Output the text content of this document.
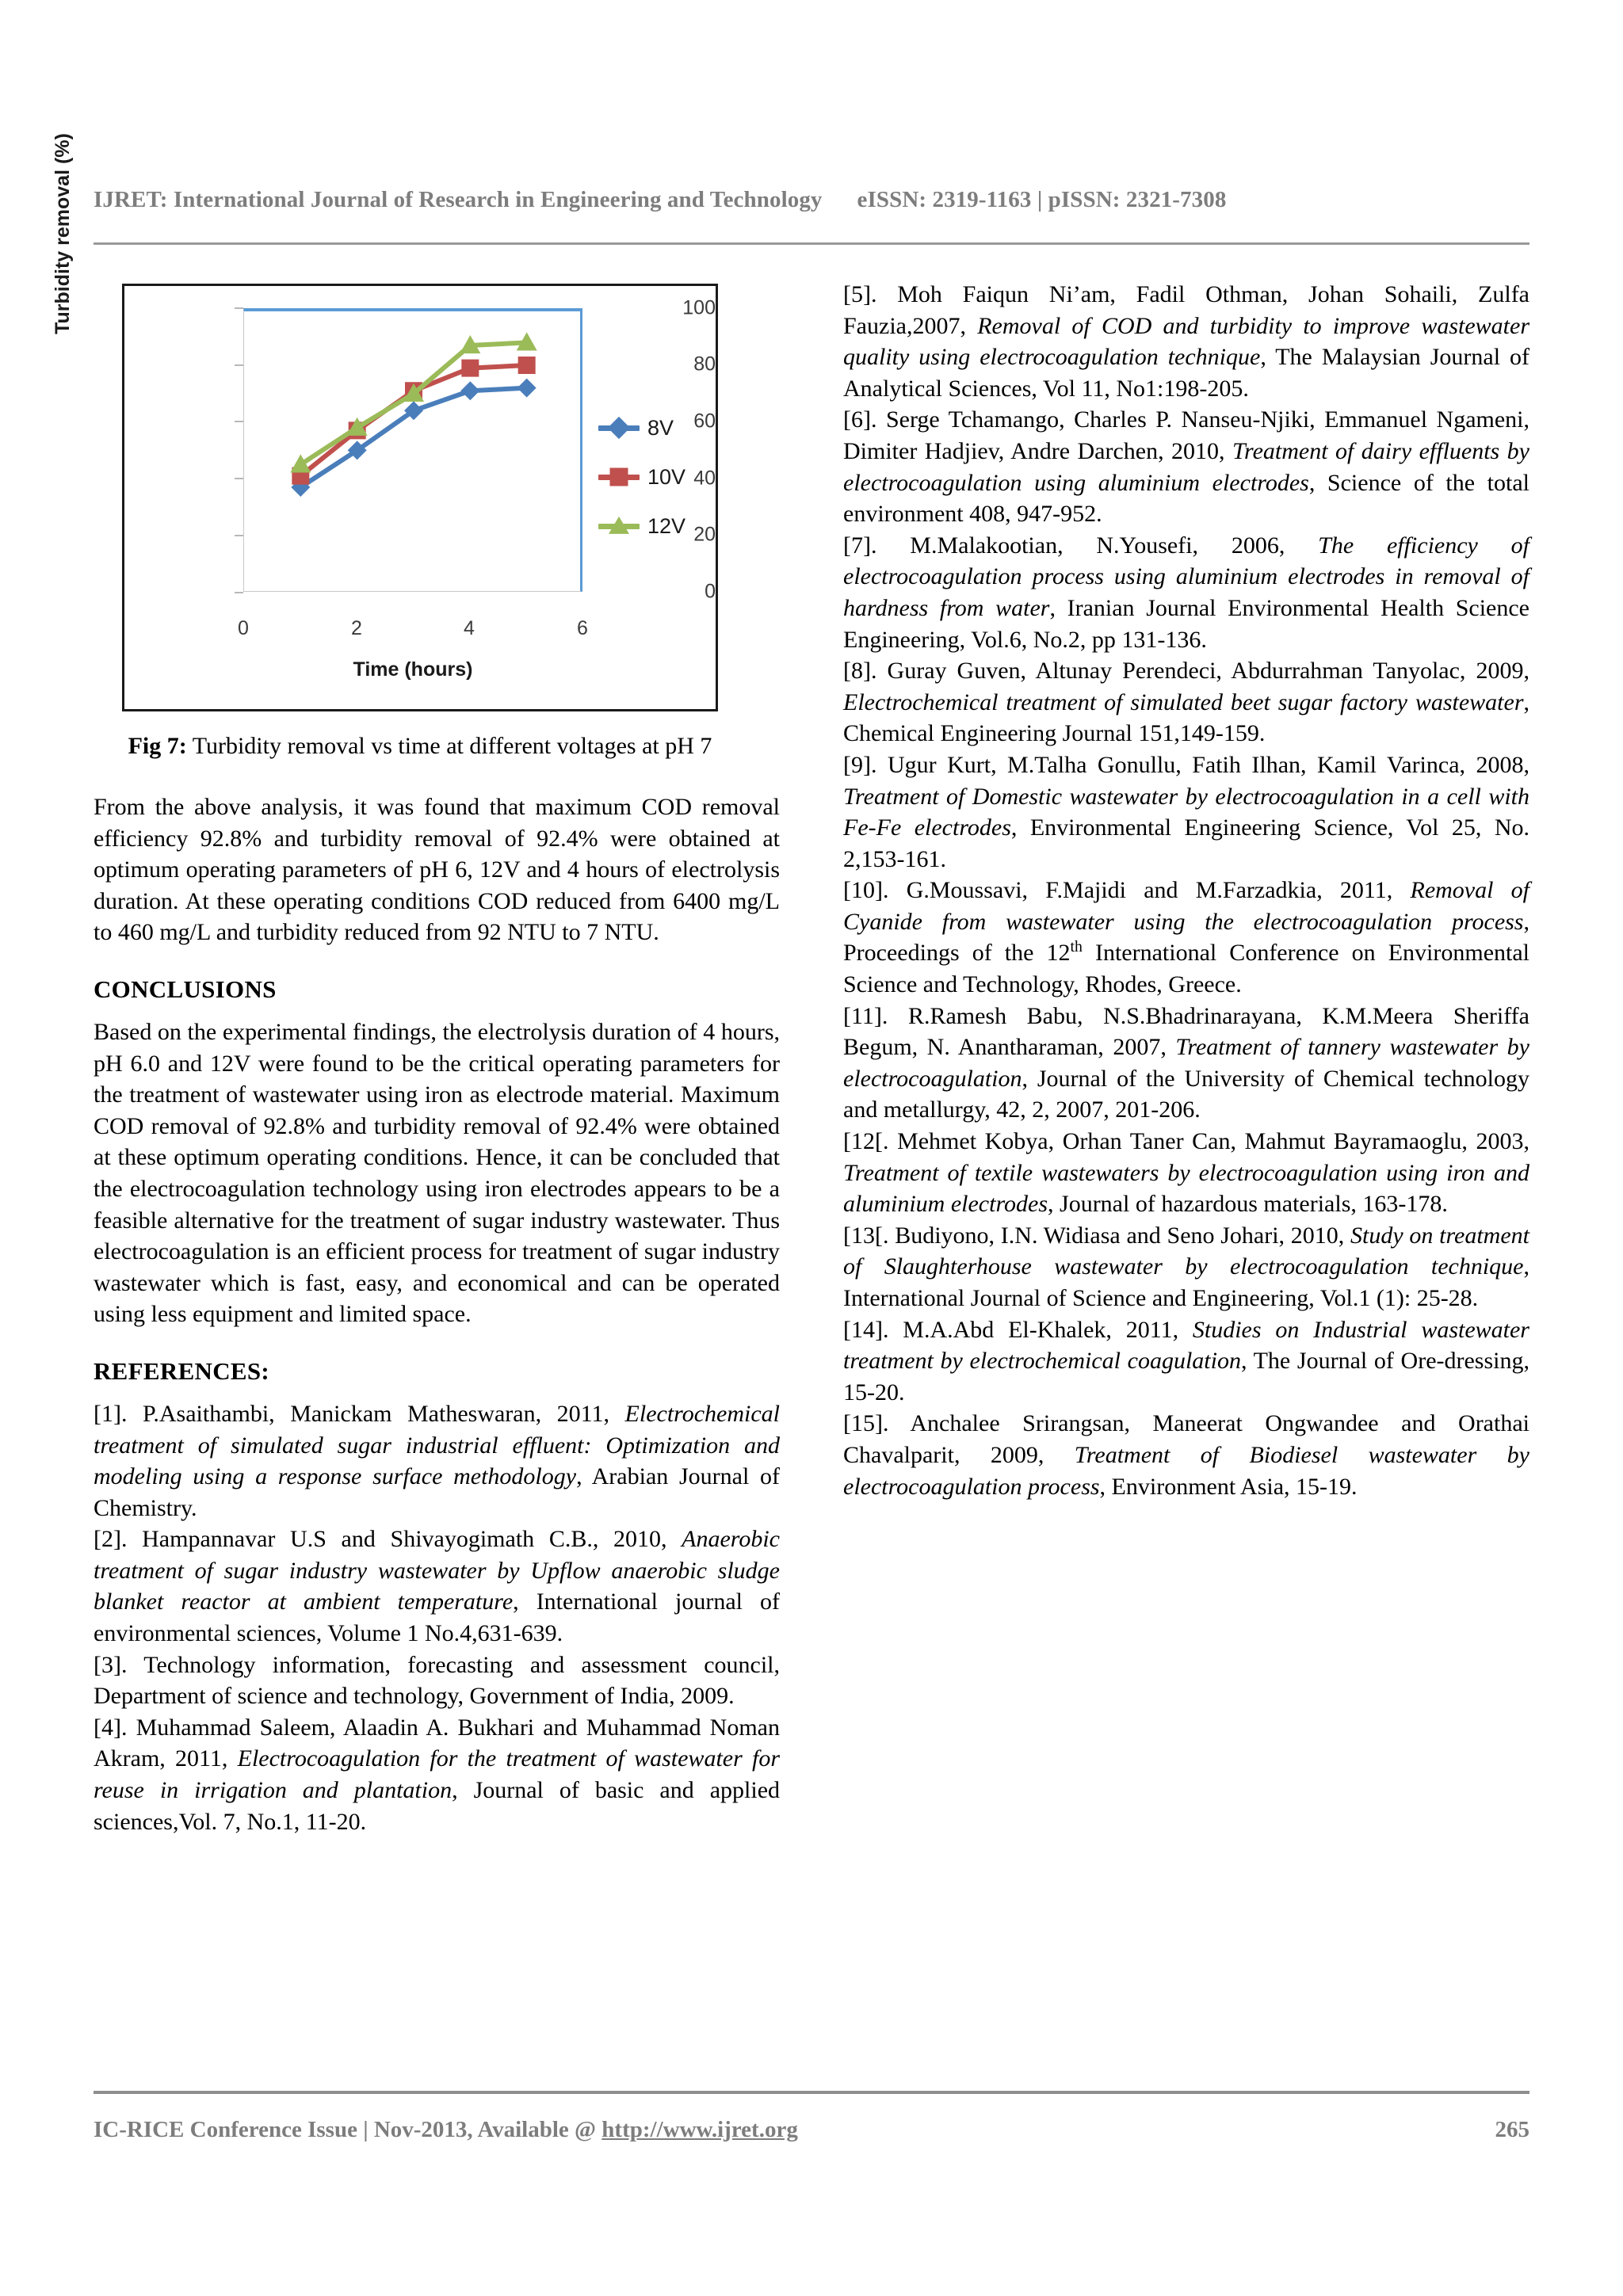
IJRET: International Journal of Research in Engineering and Technology eISSN: 2319-1163 | pISSN: 2321-7308
Turbidity removal (%)	100
80
60
40
20
0
0	2	4	6
Time (hours)
8V
10V
12V
Fig 7: Turbidity removal vs time at different voltages at pH 7

From the above analysis, it was found that maximum COD removal efficiency 92.8% and turbidity removal of 92.4% were obtained at optimum operating parameters of pH 6, 12V and 4 hours of electrolysis duration. At these operating conditions COD reduced from 6400 mg/L to 460 mg/L and turbidity reduced from 92 NTU to 7 NTU.

CONCLUSIONS

Based on the experimental findings, the electrolysis duration of 4 hours, pH 6.0 and 12V were found to be the critical operating parameters for the treatment of wastewater using iron as electrode material. Maximum COD removal of 92.8% and turbidity removal of 92.4% were obtained at these optimum operating conditions. Hence, it can be concluded that the electrocoagulation technology using iron electrodes appears to be a feasible alternative for the treatment of sugar industry wastewater. Thus electrocoagulation is an efficient process for treatment of sugar industry wastewater which is fast, easy, and economical and can be operated using less equipment and limited space.

REFERENCES:

[1]. P.Asaithambi, Manickam Matheswaran, 2011, Electrochemical treatment of simulated sugar industrial effluent: Optimization and modeling using a response surface methodology, Arabian Journal of Chemistry.

[2]. Hampannavar U.S and Shivayogimath C.B., 2010, Anaerobic treatment of sugar industry wastewater by Upflow anaerobic sludge blanket reactor at ambient temperature, International journal of environmental sciences, Volume 1 No.4,631-639.

[3]. Technology information, forecasting and assessment council, Department of science and technology, Government of India, 2009.

[4]. Muhammad Saleem, Alaadin A. Bukhari and Muhammad Noman Akram, 2011, Electrocoagulation for the treatment of wastewater for reuse in irrigation and plantation, Journal of basic and applied sciences,Vol. 7, No.1, 11-20.

[5]. Moh Faiqun Ni’am, Fadil Othman, Johan Sohaili, Zulfa Fauzia,2007, Removal of COD and turbidity to improve wastewater quality using electrocoagulation technique, The Malaysian Journal of Analytical Sciences, Vol 11, No1:198-205.

[6]. Serge Tchamango, Charles P. Nanseu-Njiki, Emmanuel Ngameni, Dimiter Hadjiev, Andre Darchen, 2010, Treatment of dairy effluents by electrocoagulation using aluminium electrodes, Science of the total environment 408, 947-952.

[7]. M.Malakootian, N.Yousefi, 2006, The efficiency of electrocoagulation process using aluminium electrodes in removal of hardness from water, Iranian Journal Environmental Health Science Engineering, Vol.6, No.2, pp 131-136.

[8]. Guray Guven, Altunay Perendeci, Abdurrahman Tanyolac, 2009, Electrochemical treatment of simulated beet sugar factory wastewater, Chemical Engineering Journal 151,149-159.

[9]. Ugur Kurt, M.Talha Gonullu, Fatih Ilhan, Kamil Varinca, 2008, Treatment of Domestic wastewater by electrocoagulation in a cell with Fe-Fe electrodes, Environmental Engineering Science, Vol 25, No. 2,153-161.

[10]. G.Moussavi, F.Majidi and M.Farzadkia, 2011, Removal of Cyanide from wastewater using the electrocoagulation process, Proceedings of the 12th International Conference on Environmental Science and Technology, Rhodes, Greece.

[11]. R.Ramesh Babu, N.S.Bhadrinarayana, K.M.Meera Sheriffa Begum, N. Anantharaman, 2007, Treatment of tannery wastewater by electrocoagulation, Journal of the University of Chemical technology and metallurgy, 42, 2, 2007, 201-206.

[12[. Mehmet Kobya, Orhan Taner Can, Mahmut Bayramaoglu, 2003, Treatment of textile wastewaters by electrocoagulation using iron and aluminium electrodes, Journal of hazardous materials, 163-178.

[13[. Budiyono, I.N. Widiasa and Seno Johari, 2010, Study on treatment of Slaughterhouse wastewater by electrocoagulation technique, International Journal of Science and Engineering, Vol.1 (1): 25-28.

[14]. M.A.Abd El-Khalek, 2011, Studies on Industrial wastewater treatment by electrochemical coagulation, The Journal of Ore-dressing, 15-20.

[15]. Anchalee Srirangsan, Maneerat Ongwandee and Orathai Chavalparit, 2009, Treatment of Biodiesel wastewater by electrocoagulation process, Environment Asia, 15-19.

IC-RICE Conference Issue | Nov-2013, Available @ http://www.ijret.org	265
